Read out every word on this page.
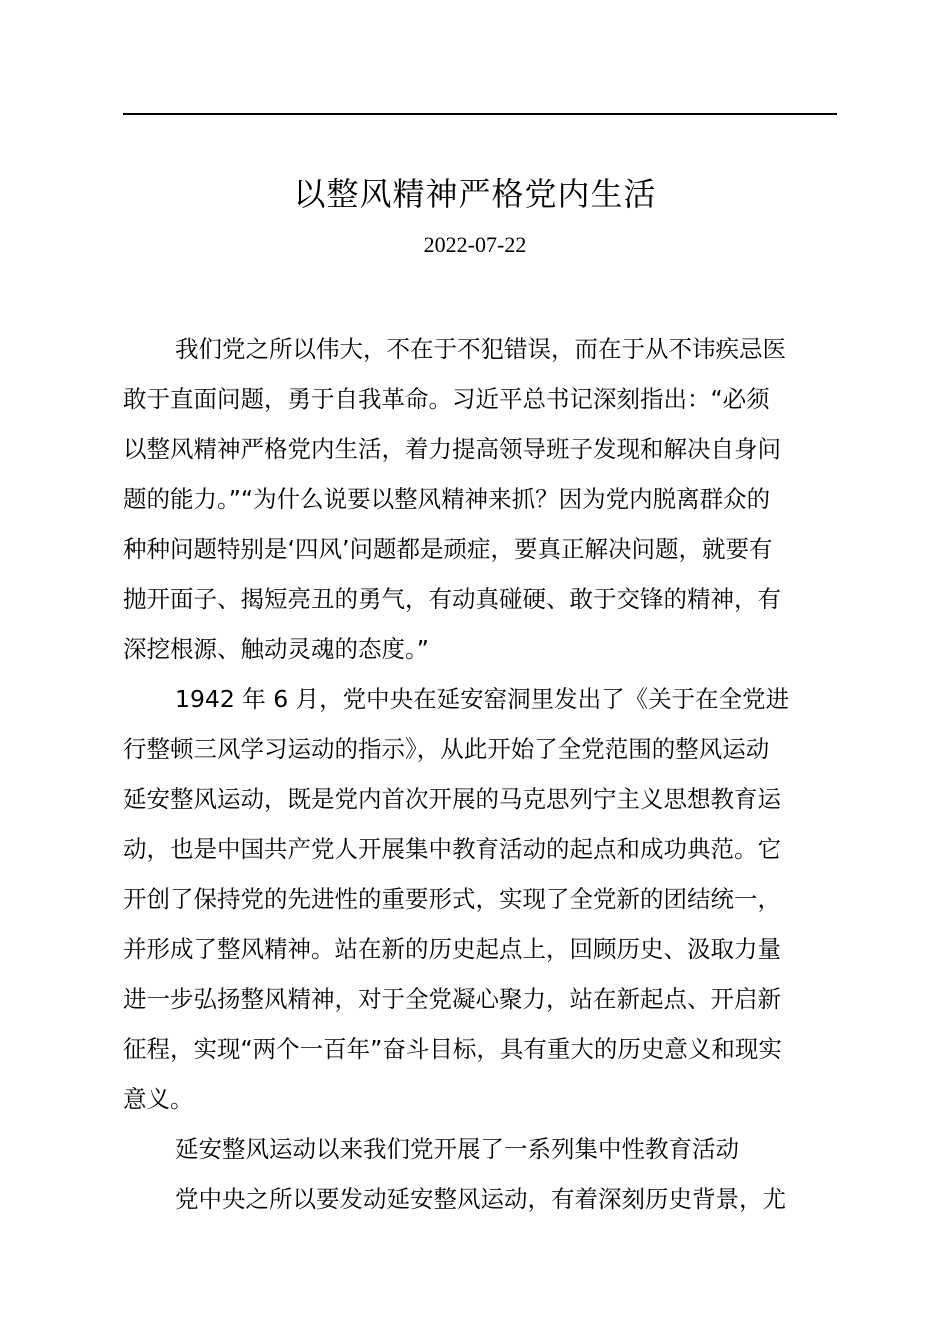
以整风精神严格党内生活
2022-07-22
我们党之所以伟大，不在于不犯错误，而在于从不讳疾忌医
敢于直面问题，勇于自我革命。习近平总书记深刻指出：“必须
以整风精神严格党内生活，着力提高领导班子发现和解决自身问
题的能力。”“为什么说要以整风精神来抓？因为党内脱离群众的
种种问题特别是‘四风’问题都是顽症，要真正解决问题，就要有
抛开面子、揭短亮丑的勇气，有动真碰硬、敢于交锋的精神，有
深挖根源、触动灵魂的态度。”
1942 年 6 月，党中央在延安窑洞里发出了《关于在全党进
行整顿三风学习运动的指示》，从此开始了全党范围的整风运动
延安整风运动，既是党内首次开展的马克思列宁主义思想教育运
动，也是中国共产党人开展集中教育活动的起点和成功典范。它
开创了保持党的先进性的重要形式，实现了全党新的团结统一，
并形成了整风精神。站在新的历史起点上，回顾历史、汲取力量
进一步弘扬整风精神，对于全党凝心聚力，站在新起点、开启新
征程，实现“两个一百年”奋斗目标，具有重大的历史意义和现实
意义。
延安整风运动以来我们党开展了一系列集中性教育活动
党中央之所以要发动延安整风运动，有着深刻历史背景，尤
